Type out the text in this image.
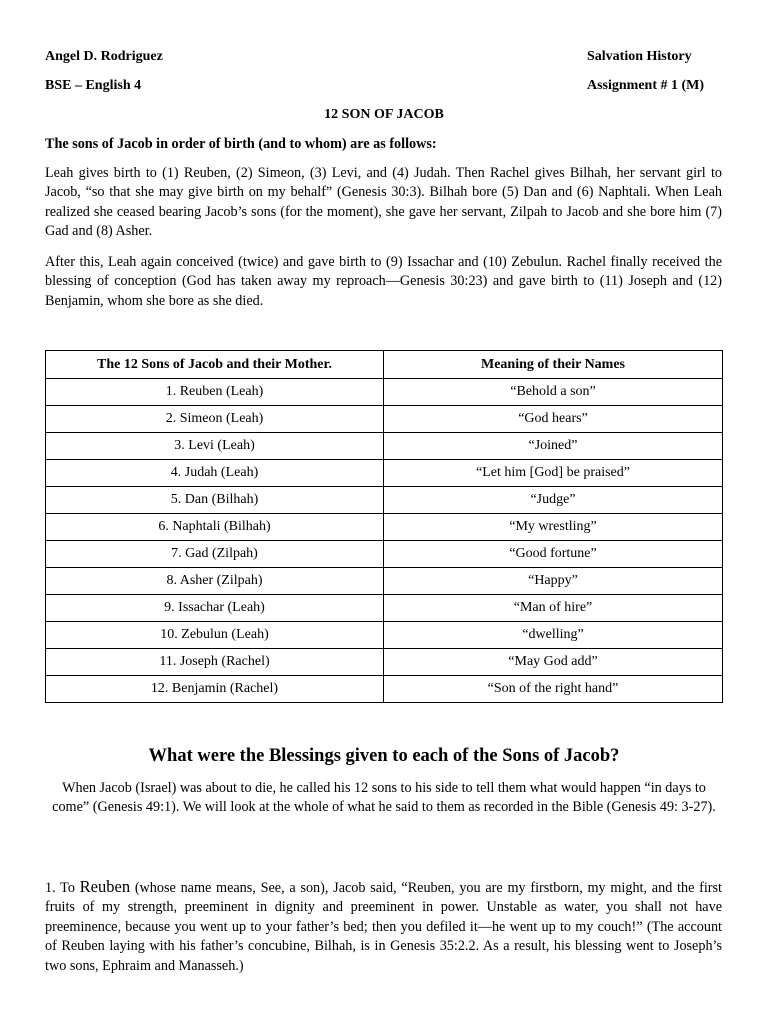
Angel D. Rodriguez	Salvation History
BSE – English 4	Assignment # 1 (M)
12 SON OF JACOB
The sons of Jacob in order of birth (and to whom) are as follows:

Leah gives birth to (1) Reuben, (2) Simeon, (3) Levi, and (4) Judah. Then Rachel gives Bilhah, her servant girl to Jacob, “so that she may give birth on my behalf” (Genesis 30:3). Bilhah bore (5) Dan and (6) Naphtali. When Leah realized she ceased bearing Jacob’s sons (for the moment), she gave her servant, Zilpah to Jacob and she bore him (7) Gad and (8) Asher.

After this, Leah again conceived (twice) and gave birth to (9) Issachar and (10) Zebulun. Rachel finally received the blessing of conception (God has taken away my reproach—Genesis 30:23) and gave birth to (11) Joseph and (12) Benjamin, whom she bore as she died.

The 12 Sons of Jacob and their Mother.	Meaning of their Names
1. Reuben (Leah)	“Behold a son”
2. Simeon (Leah)	“God hears”
3. Levi (Leah)	“Joined”
4. Judah (Leah)	“Let him [God] be praised”
5. Dan (Bilhah)	“Judge”
6. Naphtali (Bilhah)	“My wrestling”
7. Gad (Zilpah)	“Good fortune”
8. Asher (Zilpah)	“Happy”
9. Issachar (Leah)	“Man of hire”
10. Zebulun (Leah)	“dwelling”
11. Joseph (Rachel)	“May God add”
12. Benjamin (Rachel)	“Son of the right hand”
What were the Blessings given to each of the Sons of Jacob?

When Jacob (Israel) was about to die, he called his 12 sons to his side to tell them what would happen “in days to come” (Genesis 49:1). We will look at the whole of what he said to them as recorded in the Bible (Genesis 49: 3-27).

1. To Reuben (whose name means, See, a son), Jacob said, “Reuben, you are my firstborn, my might, and the first fruits of my strength, preeminent in dignity and preeminent in power. Unstable as water, you shall not have preeminence, because you went up to your father’s bed; then you defiled it—he went up to my couch!” (The account of Reuben laying with his father’s concubine, Bilhah, is in Genesis 35:2.2. As a result, his blessing went to Joseph’s two sons, Ephraim and Manasseh.)
